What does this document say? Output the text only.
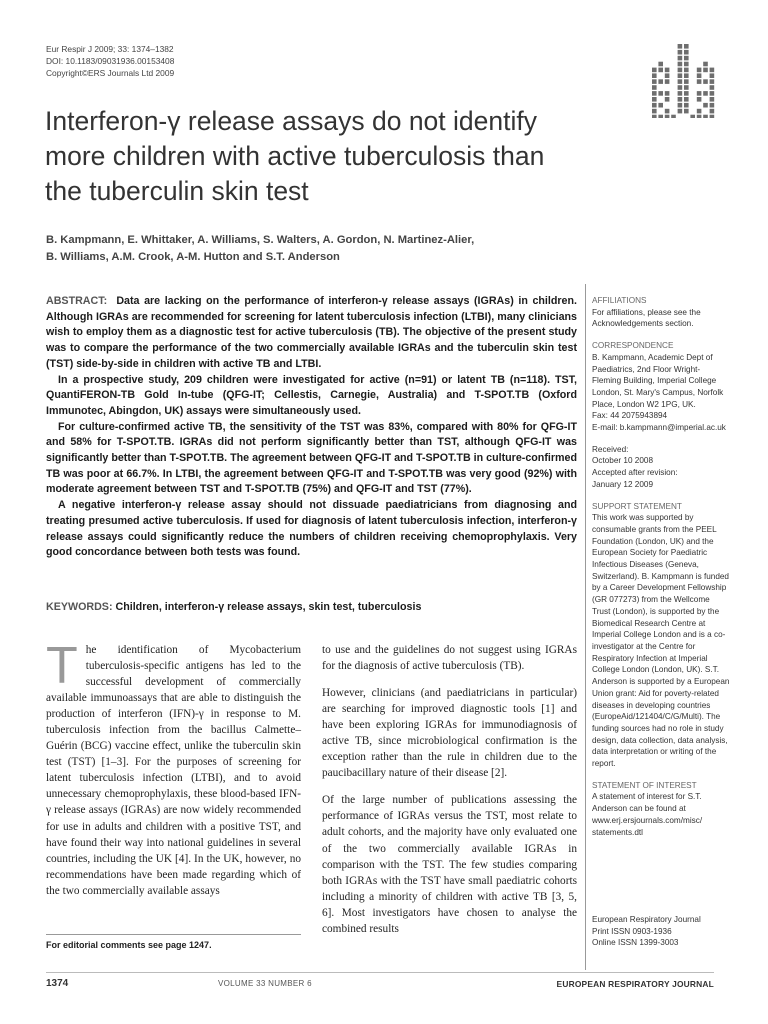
Eur Respir J 2009; 33: 1374–1382
DOI: 10.1183/09031936.00153408
Copyright©ERS Journals Ltd 2009
Interferon-γ release assays do not identify
more children with active tuberculosis than
the tuberculin skin test
B. Kampmann, E. Whittaker, A. Williams, S. Walters, A. Gordon, N. Martinez-Alier,
B. Williams, A.M. Crook, A-M. Hutton and S.T. Anderson

ABSTRACT: Data are lacking on the performance of interferon-γ release assays (IGRAs) in children. Although IGRAs are recommended for screening for latent tuberculosis infection (LTBI), many clinicians wish to employ them as a diagnostic test for active tuberculosis (TB). The objective of the present study was to compare the performance of the two commercially available IGRAs and the tuberculin skin test (TST) side-by-side in children with active TB and LTBI.

In a prospective study, 209 children were investigated for active (n=91) or latent TB (n=118). TST, QuantiFERON-TB Gold In-tube (QFG-IT; Cellestis, Carnegie, Australia) and T-SPOT.TB (Oxford Immunotec, Abingdon, UK) assays were simultaneously used.

For culture-confirmed active TB, the sensitivity of the TST was 83%, compared with 80% for QFG-IT and 58% for T-SPOT.TB. IGRAs did not perform significantly better than TST, although QFG-IT was significantly better than T-SPOT.TB. The agreement between QFG-IT and T-SPOT.TB in culture-confirmed TB was poor at 66.7%. In LTBI, the agreement between QFG-IT and T-SPOT.TB was very good (92%) with moderate agreement between TST and T-SPOT.TB (75%) and QFG-IT and TST (77%).

A negative interferon-γ release assay should not dissuade paediatricians from diagnosing and treating presumed active tuberculosis. If used for diagnosis of latent tuberculosis infection, interferon-γ release assays could significantly reduce the numbers of children receiving chemoprophylaxis. Very good concordance between both tests was found.

KEYWORDS: Children, interferon-γ release assays, skin test, tuberculosis

The identification of Mycobacterium tuberculosis-specific antigens has led to the successful development of commercially available immunoassays that are able to distinguish the production of interferon (IFN)-γ in response to M. tuberculosis infection from the bacillus Calmette–Guérin (BCG) vaccine effect, unlike the tuberculin skin test (TST) [1–3]. For the purposes of screening for latent tuberculosis infection (LTBI), and to avoid unnecessary chemoprophylaxis, these blood-based IFN-γ release assays (IGRAs) are now widely recommended for use in adults and children with a positive TST, and have found their way into national guidelines in several countries, including the UK [4]. In the UK, however, no recommendations have been made regarding which of the two commercially available assays

to use and the guidelines do not suggest using IGRAs for the diagnosis of active tuberculosis (TB).

However, clinicians (and paediatricians in particular) are searching for improved diagnostic tools [1] and have been exploring IGRAs for immunodiagnosis of active TB, since microbiological confirmation is the exception rather than the rule in children due to the paucibacillary nature of their disease [2].

Of the large number of publications assessing the performance of IGRAs versus the TST, most relate to adult cohorts, and the majority have only evaluated one of the two commercially available IGRAs in comparison with the TST. The few studies comparing both IGRAs with the TST have small paediatric cohorts including a minority of children with active TB [3, 5, 6]. Most investigators have chosen to analyse the combined results

For editorial comments see page 1247.
1374	VOLUME 33 NUMBER 6	EUROPEAN RESPIRATORY JOURNAL
AFFILIATIONS
For affiliations, please see the
Acknowledgements section.
CORRESPONDENCE
B. Kampmann, Academic Dept of
Paediatrics, 2nd Floor Wright-
Fleming Building, Imperial College
London, St. Mary's Campus, Norfolk
Place, London W2 1PG, UK.
Fax: 44 2075943894
E-mail: b.kampmann@imperial.ac.uk
Received:
October 10 2008
Accepted after revision:
January 12 2009
SUPPORT STATEMENT
This work was supported by
consumable grants from the PEEL
Foundation (London, UK) and the
European Society for Paediatric
Infectious Diseases (Geneva,
Switzerland). B. Kampmann is funded
by a Career Development Fellowship
(GR 077273) from the Wellcome
Trust (London), is supported by the
Biomedical Research Centre at
Imperial College London and is a co-
investigator at the Centre for
Respiratory Infection at Imperial
College London (London, UK). S.T.
Anderson is supported by a European
Union grant: Aid for poverty-related
diseases in developing countries
(EuropeAid/121404/C/G/Multi). The
funding sources had no role in study
design, data collection, data analysis,
data interpretation or writing of the
report.
STATEMENT OF INTEREST
A statement of interest for S.T.
Anderson can be found at
www.erj.ersjournals.com/misc/
statements.dtl
European Respiratory Journal
Print ISSN 0903-1936
Online ISSN 1399-3003
